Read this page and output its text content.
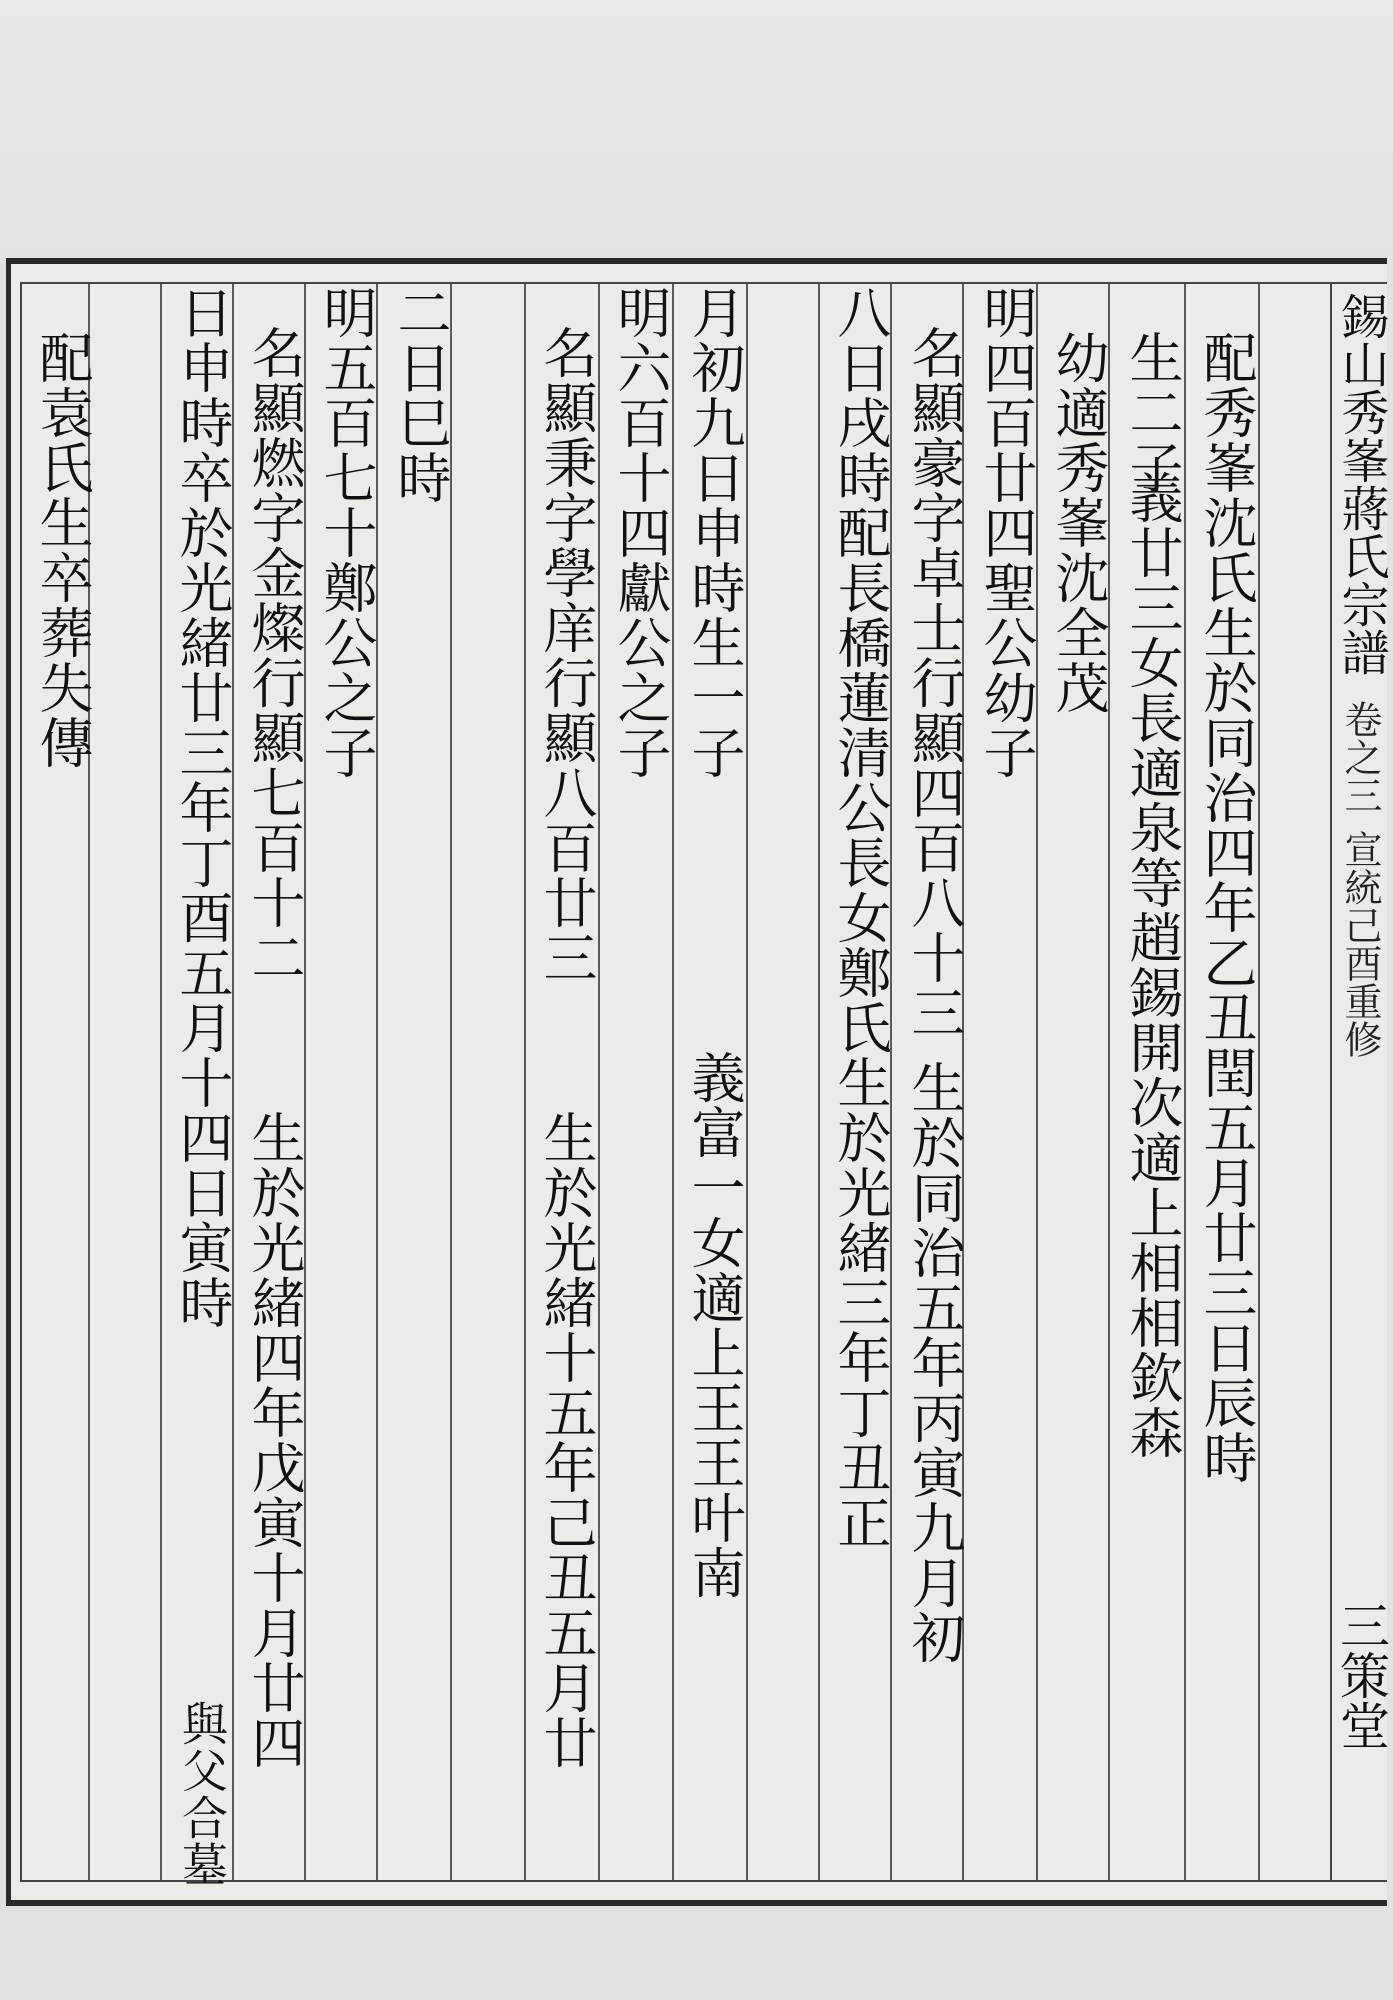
錫山秀峯蔣氏宗譜
卷之三
宣統己酉重修
三策堂
配秀峯沈氏生於同治四年乙丑閏五月廿三日辰時
生二子
義廿三女長適泉等趙錫開次適上相相欽森
幼適秀峯沈全茂
明四百廿四聖公幼子
名顯豪字卓士行顯四百八十三
生於同治五年丙寅九月初
八日戌時配長橋蓮清公長女鄭氏生於光緒三年丁丑正
月初九日申時生一子
義富一女適上王王叶南
明六百十四獻公之子
名顯秉字學庠行顯八百廿三
生於光緒十五年己丑五月廿
二日巳時
明五百七十鄭公之子
名顯燃字金燦行顯七百十二
生於光緒四年戊寅十月廿四
日申時卒於光緒廿三年丁酉五月十四日寅時
與父合墓
配袁氏生卒葬失傳
